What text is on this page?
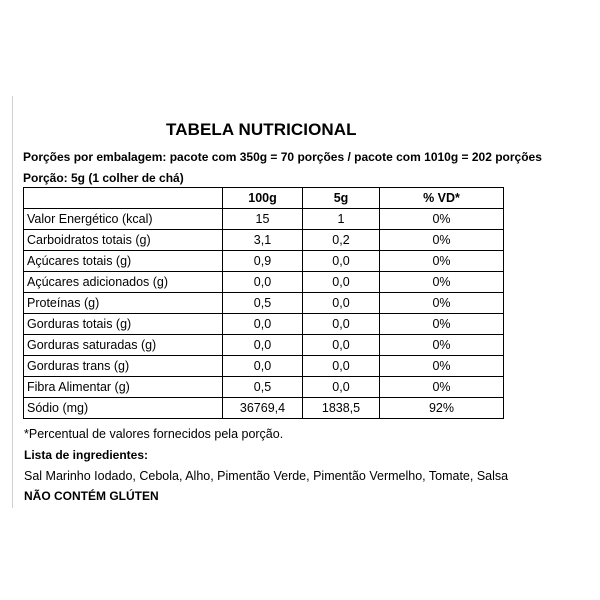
TABELA NUTRICIONAL
Porções por embalagem: pacote com 350g = 70 porções / pacote com 1010g = 202 porções
Porção: 5g (1 colher de chá)
	100g	5g	% VD*
Valor Energético (kcal)	15	1	0%
Carboidratos totais (g)	3,1	0,2	0%
Açúcares totais (g)	0,9	0,0	0%
Açúcares adicionados (g)	0,0	0,0	0%
Proteínas (g)	0,5	0,0	0%
Gorduras totais (g)	0,0	0,0	0%
Gorduras saturadas (g)	0,0	0,0	0%
Gorduras trans (g)	0,0	0,0	0%
Fibra Alimentar (g)	0,5	0,0	0%
Sódio (mg)	36769,4	1838,5	92%
*Percentual de valores fornecidos pela porção.
Lista de ingredientes:
Sal Marinho Iodado, Cebola, Alho, Pimentão Verde, Pimentão Vermelho, Tomate, Salsa
NÃO CONTÉM GLÚTEN
